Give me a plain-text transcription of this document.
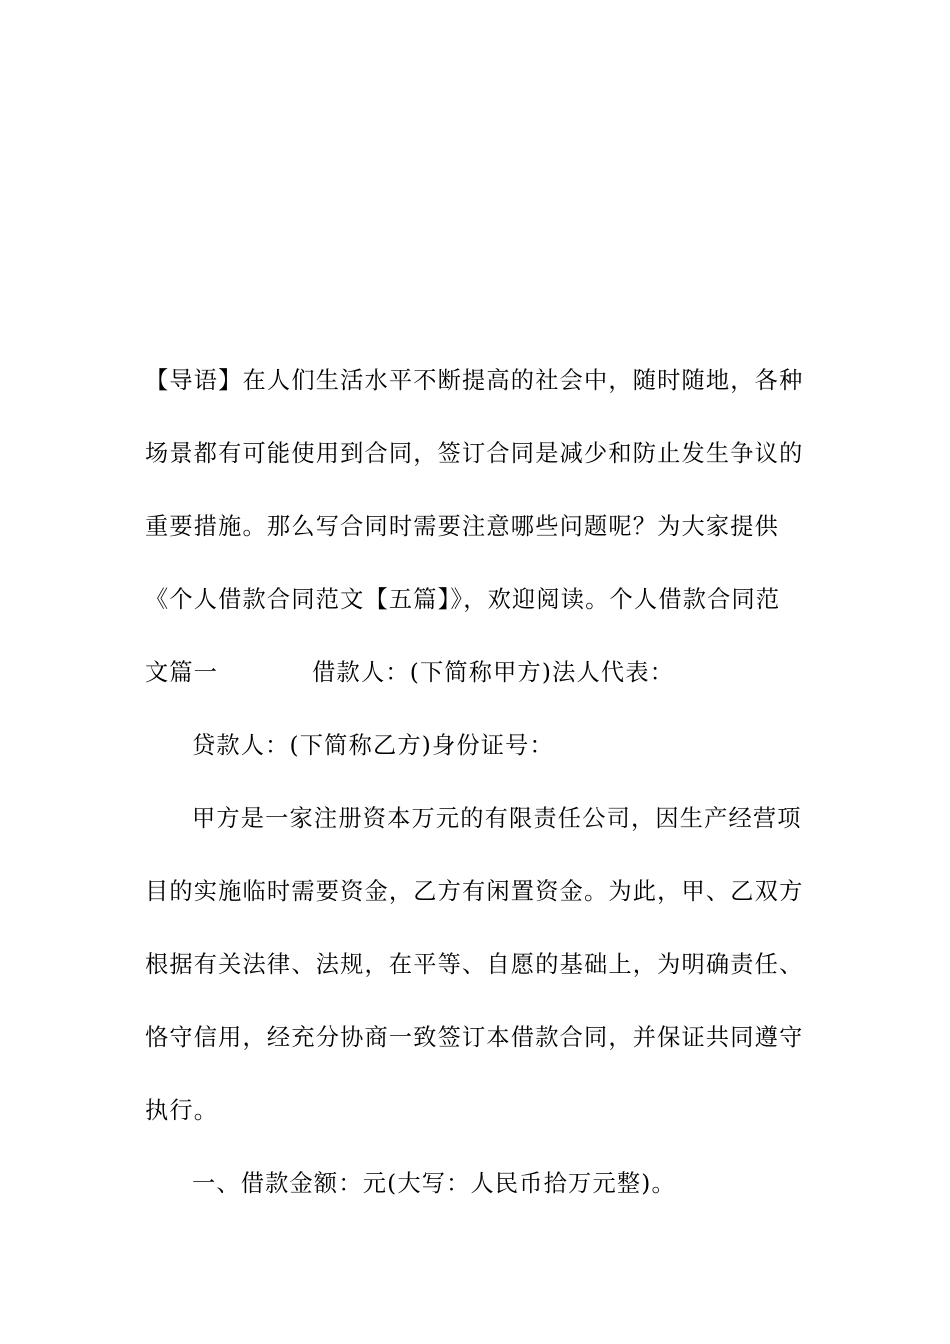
【导语】在人们生活水平不断提高的社会中，随时随地，各种
场景都有可能使用到合同，签订合同是减少和防止发生争议的
重要措施。那么写合同时需要注意哪些问题呢？为大家提供
《个人借款合同范文【五篇】》，欢迎阅读。个人借款合同范
文篇一	借款人：(下简称甲方)法人代表：
贷款人：(下简称乙方)身份证号：
甲方是一家注册资本万元的有限责任公司，因生产经营项
目的实施临时需要资金，乙方有闲置资金。为此，甲、乙双方
根据有关法律、法规，在平等、自愿的基础上，为明确责任、
恪守信用，经充分协商一致签订本借款合同，并保证共同遵守
执行。
一、借款金额：元(大写：人民币拾万元整)。
